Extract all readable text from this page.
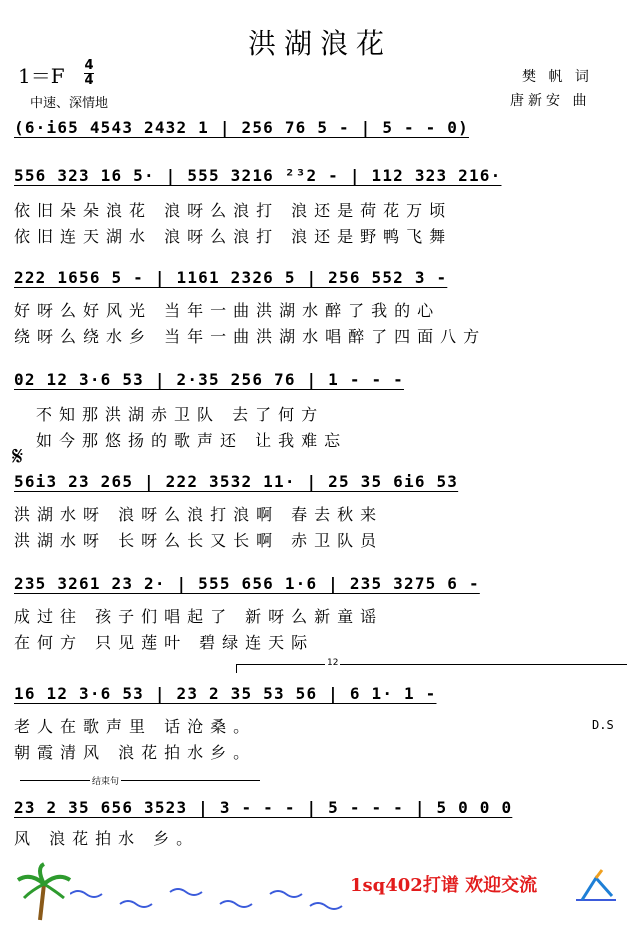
洪湖浪花
1＝F 4
4	樊 帆 词
唐新安 曲
中速、深情地
(6·i65 4543 2432 1 | 256 76 5 - | 5 - - 0)
556 323 16 5· | 555 3216 ²³2 - | 112 323 216·
依旧朵朵浪花 浪呀么浪打 浪还是荷花万顷
依旧连天湖水 浪呀么浪打 浪还是野鸭飞舞
222 1656 5 - | 1161 2326 5 | 256 552 3 -
好呀么好风光 当年一曲洪湖水醉了我的心
绕呀么绕水乡 当年一曲洪湖水唱醉了四面八方
02 12 3·6 53 | 2·35 256 76 | 1 - - -
不知那洪湖赤卫队 去了何方
如今那悠扬的歌声还 让我难忘
𝄋
56i3 23 265 | 222 3532 11· | 25 35 6i6 53
洪湖水呀 浪呀么浪打浪啊 春去秋来
洪湖水呀 长呀么长又长啊 赤卫队员
235 3261 23 2· | 555 656 1·6 | 235 3275 6 -
成过往 孩子们唱起了 新呀么新童谣
在何方 只见莲叶 碧绿连天际
12
16 12 3·6 53 | 23 2 35 53 56 | 6 1· 1 -
老人在歌声里 话沧桑。	D.S
朝霞清风 浪花拍水乡。
结束句
23 2 35 656 3523 | 3 - - - | 5 - - - | 5 0 0 0
风 浪花拍水 乡。
1sq402打谱 欢迎交流
